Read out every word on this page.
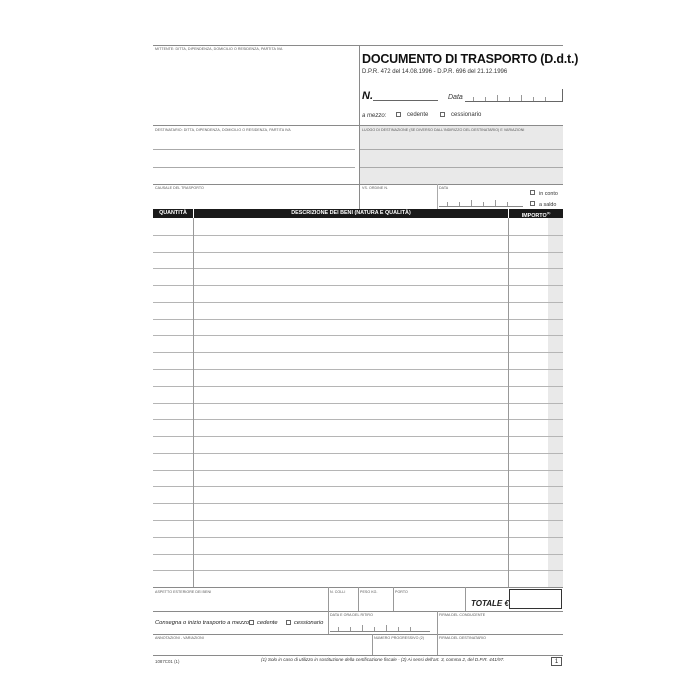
MITTENTE: DITTA, DIPENDENZA, DOMICILIO O RESIDENZA, PARTITA IVA
DOCUMENTO DI TRASPORTO (D.d.t.)
D.P.R. 472 del 14.08.1996 - D.P.R. 696 del 21.12.1996
N.	Data
a mezzo:	cedente	cessionario
LUOGO DI DESTINAZIONE (SE DIVERSO DALL'INDIRIZZO DEL DESTINATARIO) E VARIAZIONI
DESTINATARIO: DITTA, DIPENDENZA, DOMICILIO O RESIDENZA, PARTITA IVA
CAUSALE DEL TRASPORTO	VS. ORDINE N.	DATA
in conto
a saldo
QUANTITÀ	DESCRIZIONE DEI BENI (NATURA E QUALITÀ)	IMPORTO$^{(1)}$
ASPETTO ESTERIORE DEI BENI	N. COLLI	PESO KG.	PORTO
TOTALE €
Consegna o inizio trasporto a mezzo cedente	cessionario
DATA E ORA DEL RITIRO	FIRMA DEL CONDUCENTE
ANNOTAZIONI - VARIAZIONI	NUMERO PROGRESSIVO (2)	FIRMA DEL DESTINATARIO
1087C01 (1)	(1) Solo in caso di utilizzo in sostituzione della certificazione fiscale - (2) Ai sensi dell'art. 3, comma 2, del D.P.R. 441/97.	1
